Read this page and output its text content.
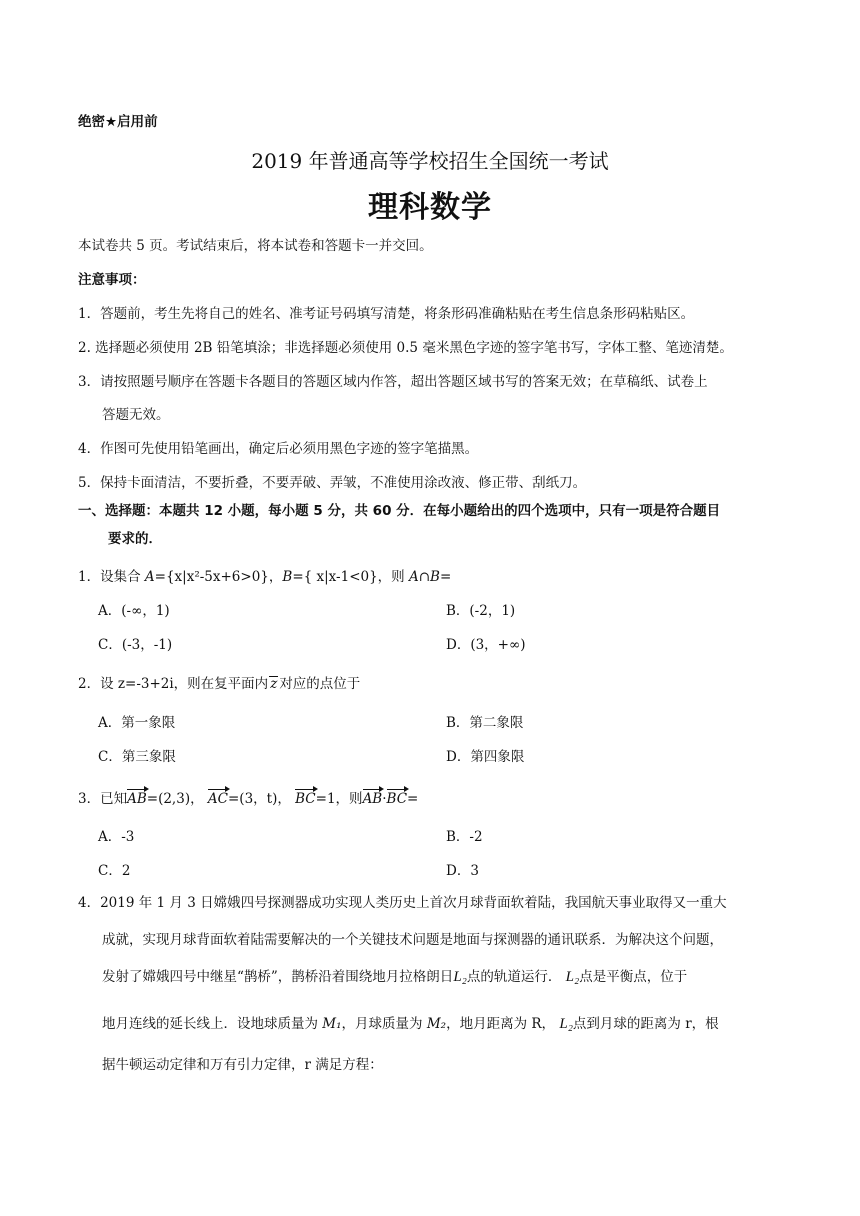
绝密★启用前
2019 年普通高等学校招生全国统一考试
理科数学
本试卷共 5 页。考试结束后，将本试卷和答题卡一并交回。
注意事项：
1．答题前，考生先将自己的姓名、准考证号码填写清楚，将条形码准确粘贴在考生信息条形码粘贴区。
2. 选择题必须使用 2B 铅笔填涂；非选择题必须使用 0.5 毫米黑色字迹的签字笔书写，字体工整、笔迹清楚。
3．请按照题号顺序在答题卡各题目的答题区域内作答，超出答题区域书写的答案无效；在草稿纸、试卷上
答题无效。
4．作图可先使用铅笔画出，确定后必须用黑色字迹的签字笔描黑。
5．保持卡面清洁，不要折叠，不要弄破、弄皱，不准使用涂改液、修正带、刮纸刀。
一、选择题：本题共 12 小题，每小题 5 分，共 60 分．在每小题给出的四个选项中，只有一项是符合题目
要求的．
1．设集合 A={x|x²-5x+6>0}，B={ x|x-1<0}，则 A∩B=
A．(-∞，1)	B．(-2，1)
C．(-3，-1)	D．(3，+∞)
2．设 z=-3+2i，则在复平面内 z 对应的点位于
A．第一象限	B．第二象限
C．第三象限	D．第四象限
3．已知AB=(2,3)， AC=(3，t)， BC=1，则AB·BC=
A．-3	B．-2
C．2	D．3
4．2019 年 1 月 3 日嫦娥四号探测器成功实现人类历史上首次月球背面软着陆，我国航天事业取得又一重大
成就，实现月球背面软着陆需要解决的一个关键技术问题是地面与探测器的通讯联系．为解决这个问题，
发射了嫦娥四号中继星“鹊桥”，鹊桥沿着围绕地月拉格朗日L₂点的轨道运行． L₂点是平衡点，位于
地月连线的延长线上．设地球质量为 M₁，月球质量为 M₂，地月距离为 R， L₂点到月球的距离为 r，根
据牛顿运动定律和万有引力定律，r 满足方程：
